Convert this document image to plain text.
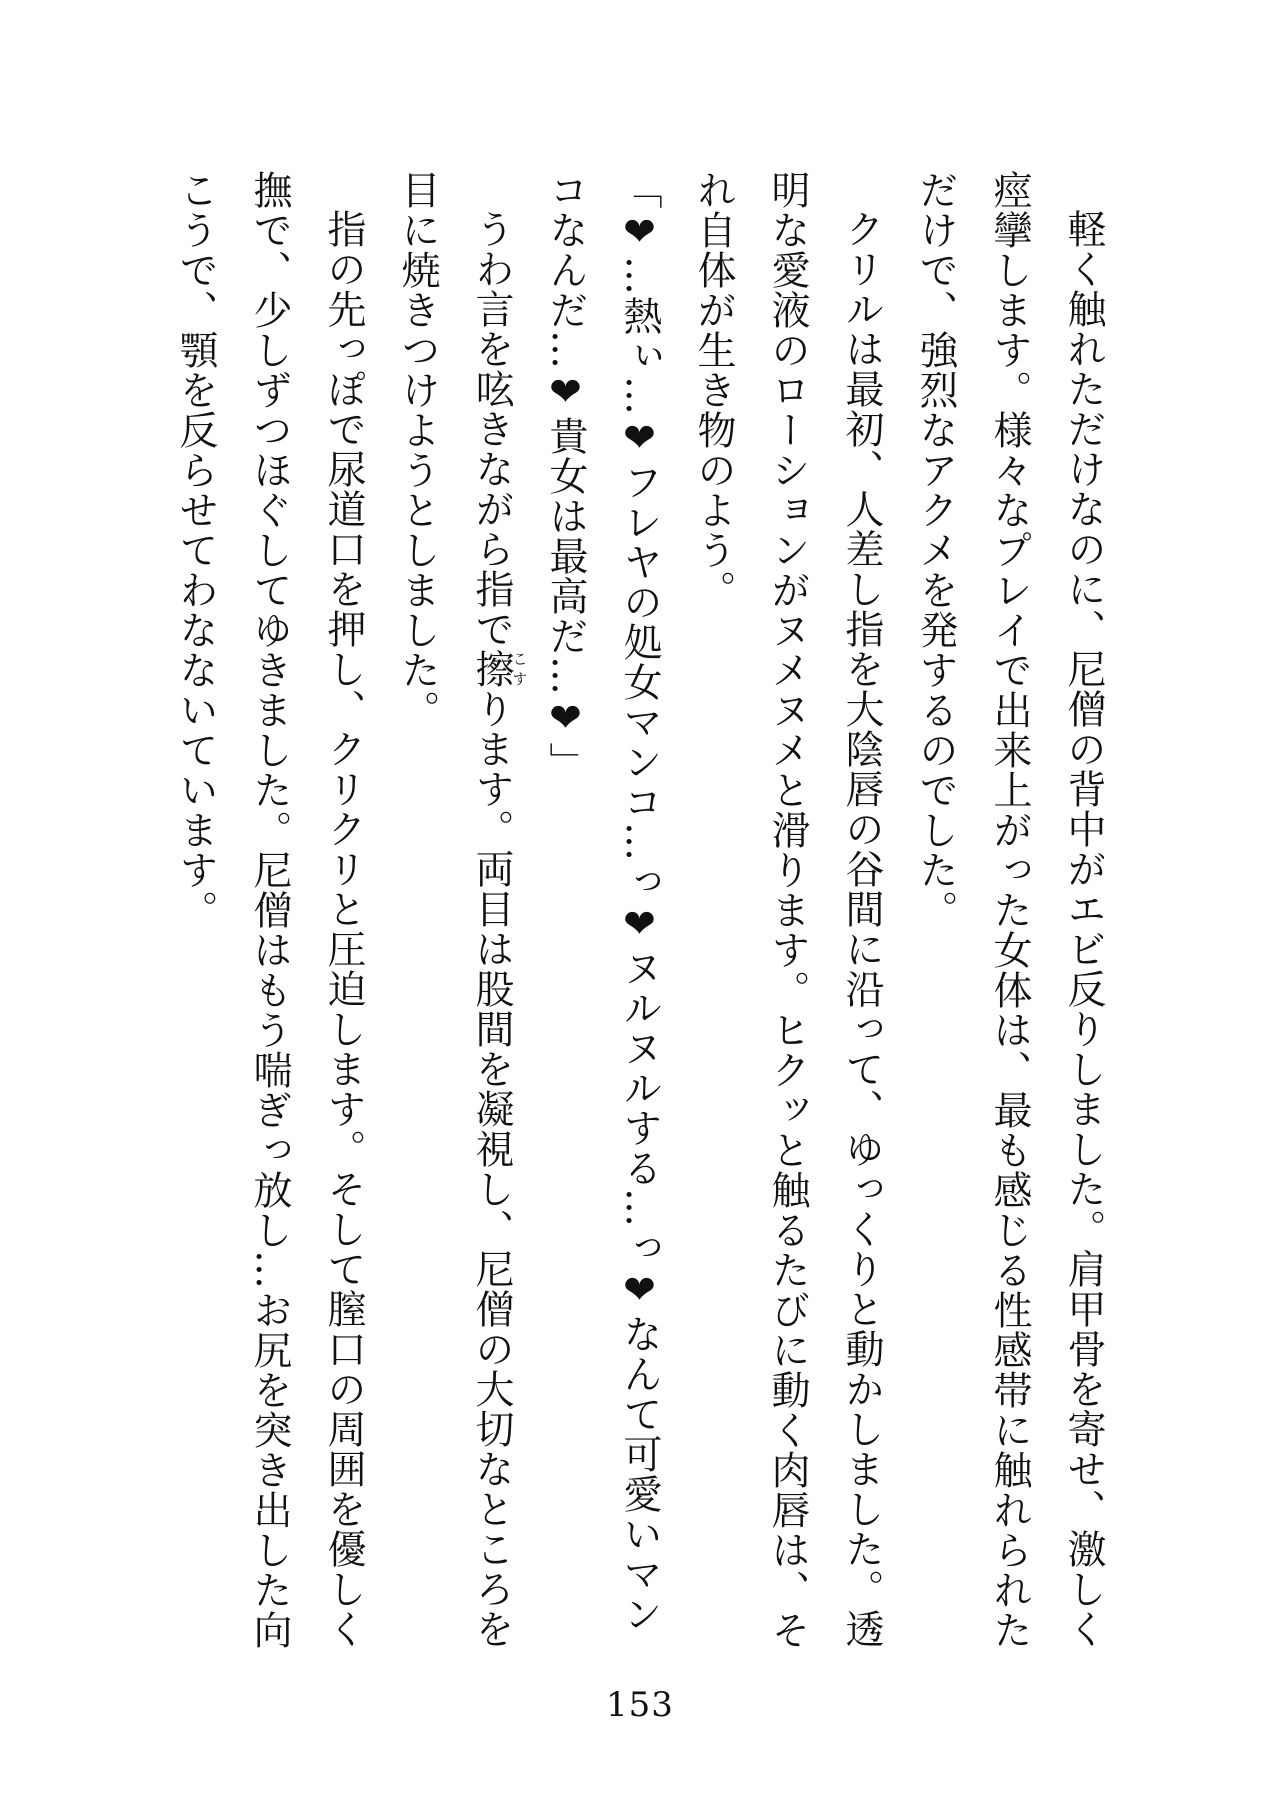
軽く触れただけなのに、尼僧の背中がエビ反りしました。肩甲骨を寄せ、激しく痙攣します。様々なプレイで出来上がった女体は、最も感じる性感帯に触れられただけで、強烈なアクメを発するのでした。

クリルは最初、人差し指を大陰唇の谷間に沿って、ゆっくりと動かしました。透明な愛液のローションがヌメヌメと滑ります。ヒクッと触るたびに動く肉唇は、それ自体が生き物のよう。

「❤…熱ぃ…❤フレヤの処女マンコ…っ❤ヌルヌルする…っ❤なんて可愛いマンコなんだ…❤貴女は最高だ…❤」

うわ言を呟きながら指で擦こすります。両目は股間を凝視し、尼僧の大切なところを目に焼きつけようとしました。

指の先っぽで尿道口を押し、クリクリと圧迫します。そして膣口の周囲を優しく撫で、少しずつほぐしてゆきました。尼僧はもう喘ぎっ放し…お尻を突き出した向こうで、顎を反らせてわなないています。

153
